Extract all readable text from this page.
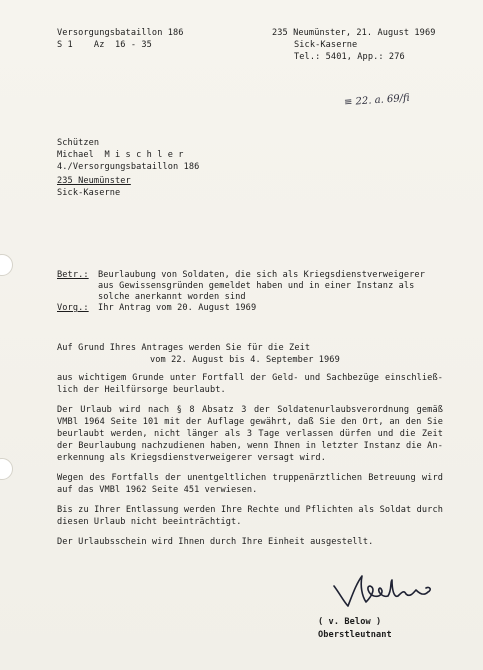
Versorgungsbataillon 186
S 1    Az  16 - 35
235 Neumünster, 21. August 1969
Sick-Kaserne
Tel.: 5401, App.: 276
≡ 22. a. 69/fi
Schützen
Michael  M i s c h l e r
4./Versorgungsbataillon 186
235 Neumünster
Sick-Kaserne
Betr.: Beurlaubung von Soldaten, die sich als Kriegsdienstverweigerer
aus Gewissensgründen gemeldet haben und in einer Instanz als
solche anerkannt worden sind
Vorg.: Ihr Antrag vom 20. August 1969
Auf Grund Ihres Antrages werden Sie für die Zeit
vom 22. August bis 4. September 1969
aus wichtigem Grunde unter Fortfall der Geld- und Sachbezüge einschließ-
lich der Heilfürsorge beurlaubt.
Der Urlaub wird nach § 8 Absatz 3 der Soldatenurlaubsverordnung gemäß
VMBl 1964 Seite 101 mit der Auflage gewährt, daß Sie den Ort, an den Sie
beurlaubt werden, nicht länger als 3 Tage verlassen dürfen und die Zeit
der Beurlaubung nachzudienen haben, wenn Ihnen in letzter Instanz die An-
erkennung als Kriegsdienstverweigerer versagt wird.
Wegen des Fortfalls der unentgeltlichen truppenärztlichen Betreuung wird
auf das VMBl 1962 Seite 451 verwiesen.
Bis zu Ihrer Entlassung werden Ihre Rechte und Pflichten als Soldat durch
diesen Urlaub nicht beeinträchtigt.
Der Urlaubsschein wird Ihnen durch Ihre Einheit ausgestellt.
( v. Below )
Oberstleutnant
